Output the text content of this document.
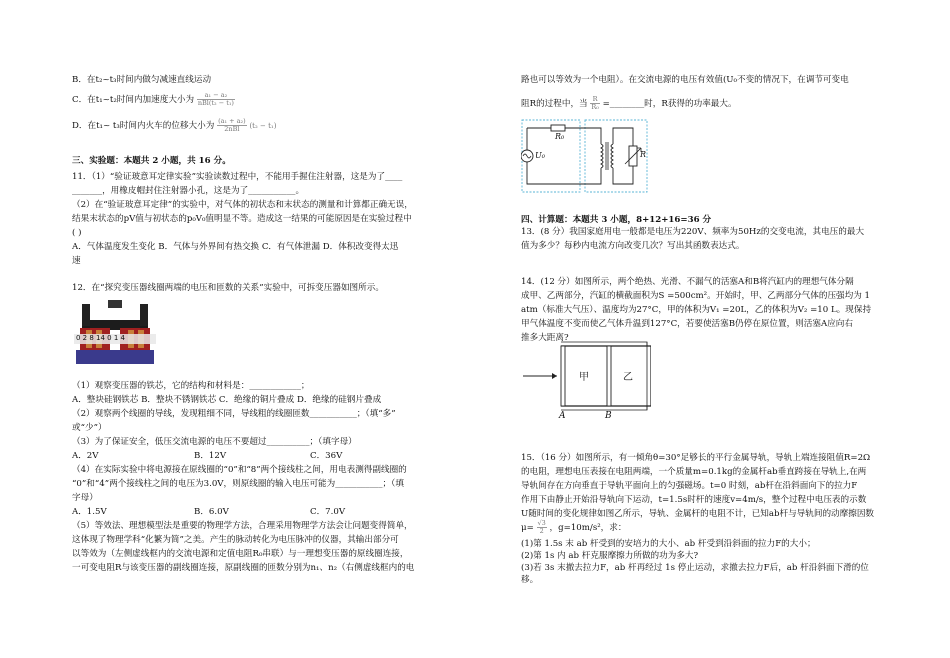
B．在t₂~t₃时间内做匀减速直线运动
C．在t₁~t₂时间内加速度大小为 $\frac{\text{a₁ − a₂}}{\text{nBl(t₂ − t₁)}}$
D．在t₁~ t₃时间内火车的位移大小为 $\frac{\text{(a₁ + a₂)}}{\text{2nBl}} (t_2 - t_1)$
三、实验题：本题共 2 小题，共 16 分。
11．（1）“验证玻意耳定律实验”实验读数过程中，不能用手握住注射器，这是为了____
_______，用橡皮帽封住注射器小孔，这是为了___________。
（2）在“验证玻意耳定律”的实验中，对气体的初状态和末状态的测量和计算都正确无误，
结果末状态的pV值与初状态的p₀V₀值明显不等。造成这一结果的可能原因是在实验过程中
( )
A．气体温度发生变化 B．气体与外界间有热交换 C．有气体泄漏 D．体积改变得太迅
速
12．在“探究变压器线圈两端的电压和匝数的关系”实验中，可拆变压器如图所示。
0 2 8 14 0 1 4
（1）观察变压器的铁芯，它的结构和材料是：____________；
A．整块硅钢铁芯 B．整块不锈钢铁芯 C．绝缘的铜片叠成 D．绝缘的硅钢片叠成
（2）观察两个线圈的导线，发现粗细不同，导线粗的线圈匝数___________；（填“多”
或“少”）
（3）为了保证安全，低压交流电源的电压不要超过__________；（填字母）
A．2V	B．12V	C．36V
（4）在实际实验中将电源接在原线圈的“0”和“8”两个接线柱之间，用电表测得副线圈的
“0”和“4”两个接线柱之间的电压为3.0V，则原线圈的输入电压可能为___________；（填
字母）
A．1.5V	B．6.0V	C．7.0V
（5）等效法、理想模型法是重要的物理学方法，合理采用物理学方法会让问题变得简单，
这体现了物理学科“化繁为简”之美。产生的脉动转化为电压脉冲的仪器，其输出部分可
以等效为（左侧虚线框内的交流电源和定值电阻R₀串联）与一理想变压器的原线圈连接，
一可变电阻R与该变压器的副线圈连接，原副线圈的匝数分别为n₁、n₂（右侧虚线框内的电
路也可以等效为一个电阻）。在交流电源的电压有效值(U₀不变的情况下，在调节可变电
阻R的过程中，当 $\frac{R}{\text{R₀}}$ =________时，R获得的功率最大。
R₀
U₀	R
四、计算题：本题共 3 小题，8+12+16=36 分
13．(8 分）我国家庭用电一般都是电压为220V、频率为50Hz的交变电流，其电压的最大
值为多少？每秒内电流方向改变几次？写出其函数表达式。
14．(12 分）如图所示，两个绝热、光滑、不漏气的活塞A和B将汽缸内的理想气体分隔
成甲、乙两部分，汽缸的横截面积为S =500cm²。开始时，甲、乙两部分气体的压强均为 1
atm（标准大气压）、温度均为27°C，甲的体积为V₁ =20L，乙的体积为V₂ =10 L。现保持
甲气体温度不变而使乙气体升温到127°C，若要使活塞B仍停在原位置，则活塞A应向右
推多大距离?
甲	乙
A	B
15．（16 分）如图所示，有一倾角θ=30°足够长的平行金属导轨，导轨上端连接阻值R=2Ω
的电阻，理想电压表接在电阻两端，一个质量m=0.1kg的金属杆ab垂直跨接在导轨上,在两
导轨间存在方向垂直于导轨平面向上的匀强磁场。t=0 时刻，ab杆在沿斜面向下的拉力F
作用下由静止开始沿导轨向下运动，t=1.5s时杆的速度v=4m/s，整个过程中电压表的示数
U随时间的变化规律如图乙所示，导轨、金属杆的电阻不计，已知ab杆与导轨间的动摩擦因数
$\mu= \frac{√3}{2}$ ，g=10m/s²，求：
(1)第 1.5s 末 ab 杆受到的安培力的大小、ab 杆受到沿斜面的拉力F的大小；
(2)第 1s 内 ab 杆克服摩擦力所做的功为多大?
(3)若 3s 末撤去拉力F，ab 杆再经过 1s 停止运动，求撤去拉力F后，ab 杆沿斜面下滑的位
移。
